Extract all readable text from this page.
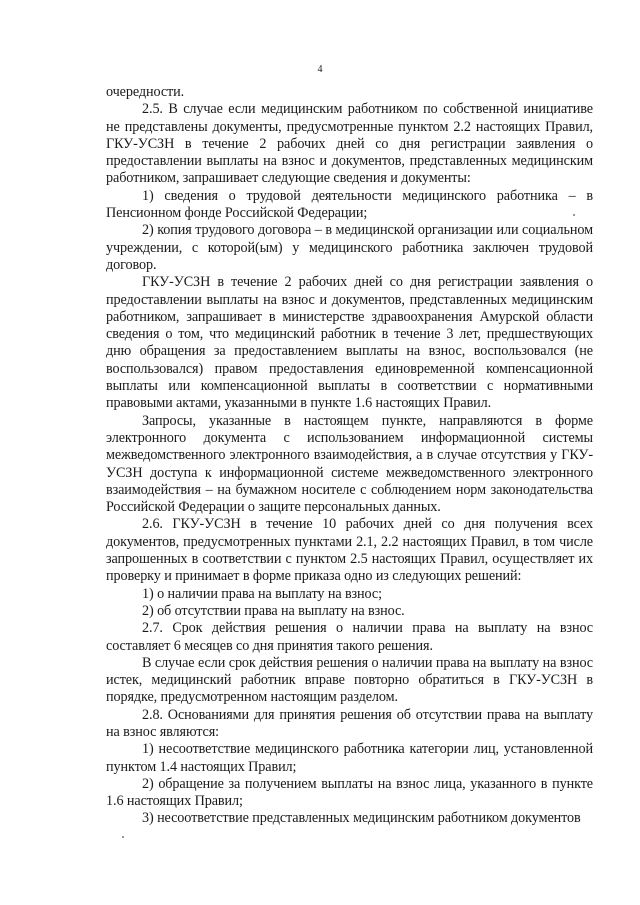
4

очередности.

2.5. В случае если медицинским работником по собственной инициативе не представлены документы, предусмотренные пунктом 2.2 настоящих Правил, ГКУ-УСЗН в течение 2 рабочих дней со дня регистрации заявления о предоставлении выплаты на взнос и документов, представленных медицинским работником, запрашивает следующие сведения и документы:

1) сведения о трудовой деятельности медицинского работника – в Пенсионном фонде Российской Федерации;

2) копия трудового договора – в медицинской организации или социальном учреждении, с которой(ым) у медицинского работника заключен трудовой договор.

ГКУ-УСЗН в течение 2 рабочих дней со дня регистрации заявления о предоставлении выплаты на взнос и документов, представленных медицинским работником, запрашивает в министерстве здравоохранения Амурской области сведения о том, что медицинский работник в течение 3 лет, предшествующих дню обращения за предоставлением выплаты на взнос, воспользовался (не воспользовался) правом предоставления единовременной компенсационной выплаты или компенсационной выплаты в соответствии с нормативными правовыми актами, указанными в пункте 1.6 настоящих Правил.

Запросы, указанные в настоящем пункте, направляются в форме электронного документа с использованием информационной системы межведомственного электронного взаимодействия, а в случае отсутствия у ГКУ-УСЗН доступа к информационной системе межведомственного электронного взаимодействия – на бумажном носителе с соблюдением норм законодательства Российской Федерации о защите персональных данных.

2.6. ГКУ-УСЗН в течение 10 рабочих дней со дня получения всех документов, предусмотренных пунктами 2.1, 2.2 настоящих Правил, в том числе запрошенных в соответствии с пунктом 2.5 настоящих Правил, осуществляет их проверку и принимает в форме приказа одно из следующих решений:

1) о наличии права на выплату на взнос;

2) об отсутствии права на выплату на взнос.

2.7. Срок действия решения о наличии права на выплату на взнос составляет 6 месяцев со дня принятия такого решения.

В случае если срок действия решения о наличии права на выплату на взнос истек, медицинский работник вправе повторно обратиться в ГКУ-УСЗН в порядке, предусмотренном настоящим разделом.

2.8. Основаниями для принятия решения об отсутствии права на выплату на взнос являются:

1) несоответствие медицинского работника категории лиц, установленной пунктом 1.4 настоящих Правил;

2) обращение за получением выплаты на взнос лица, указанного в пункте 1.6 настоящих Правил;

3) несоответствие представленных медицинским работником документов
